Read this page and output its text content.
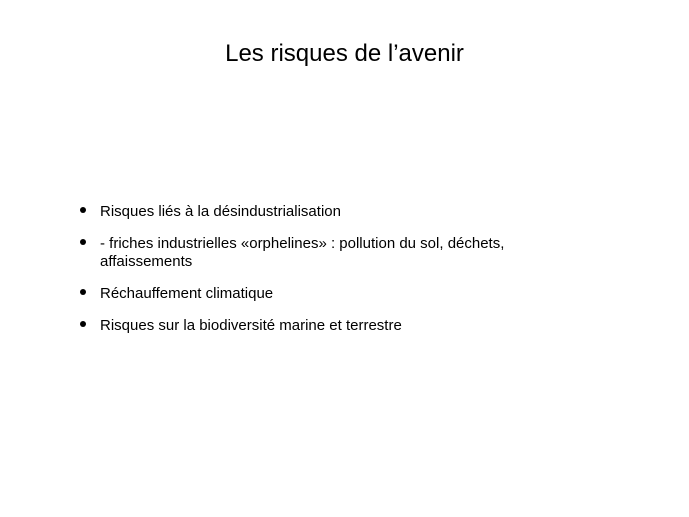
Les risques de l’avenir
Risques liés à la désindustrialisation
- friches industrielles «orphelines» : pollution du sol, déchets, affaissements
Réchauffement climatique
Risques sur la biodiversité marine et terrestre
